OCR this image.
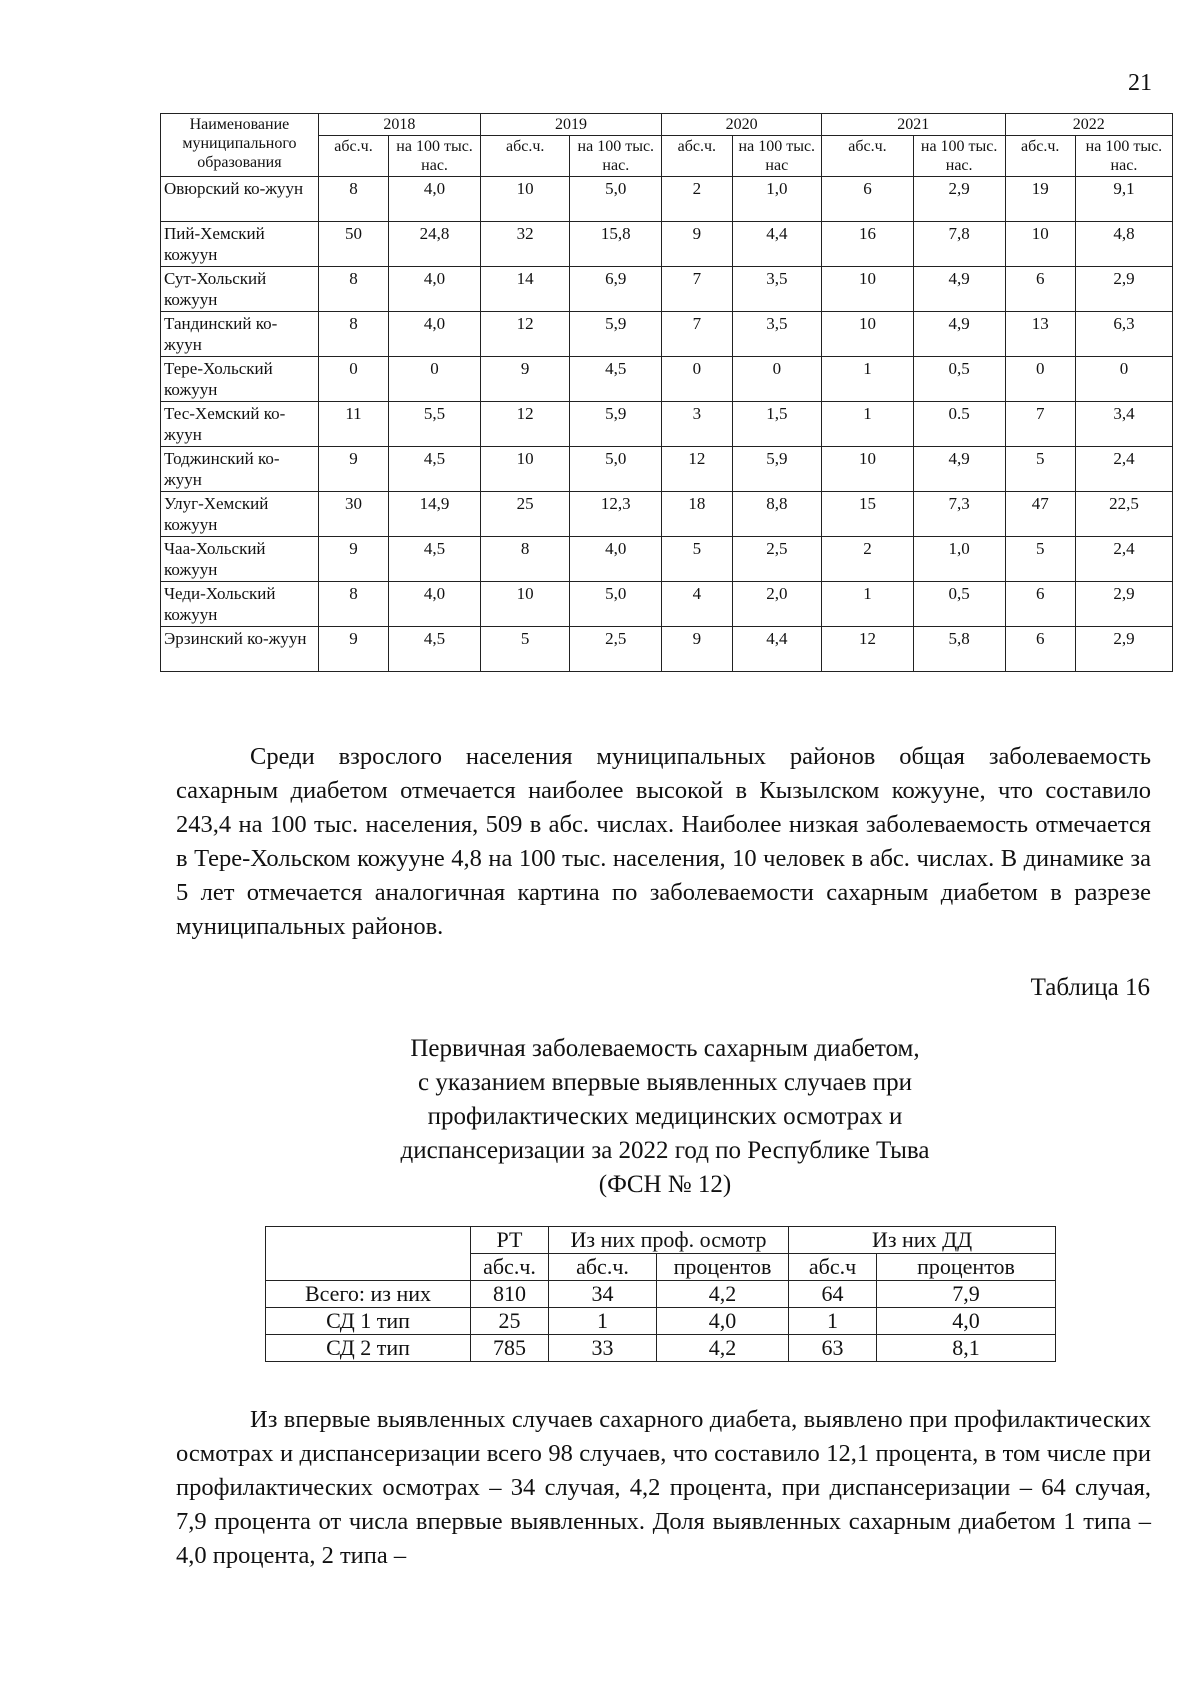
21
Наименование муниципального образования	2018		2019		2020		2021		2022	
	абс.ч.	на 100 тыс. нас.	абс.ч.	на 100 тыс. нас.	абс.ч.	на 100 тыс. нас	абс.ч.	на 100 тыс. нас.	абс.ч.	на 100 тыс. нас.
Овюрский ко-жуун	8	4,0	10	5,0	2	1,0	6	2,9	19	9,1
Пий-Хемский кожуун	50	24,8	32	15,8	9	4,4	16	7,8	10	4,8
Сут-Хольский кожуун	8	4,0	14	6,9	7	3,5	10	4,9	6	2,9
Тандинский ко-жуун	8	4,0	12	5,9	7	3,5	10	4,9	13	6,3
Тере-Хольский кожуун	0	0	9	4,5	0	0	1	0,5	0	0
Тес-Хемский ко-жуун	11	5,5	12	5,9	3	1,5	1	0.5	7	3,4
Тоджинский ко-жуун	9	4,5	10	5,0	12	5,9	10	4,9	5	2,4
Улуг-Хемский кожуун	30	14,9	25	12,3	18	8,8	15	7,3	47	22,5
Чаа-Хольский кожуун	9	4,5	8	4,0	5	2,5	2	1,0	5	2,4
Чеди-Хольский кожуун	8	4,0	10	5,0	4	2,0	1	0,5	6	2,9
Эрзинский ко-жуун	9	4,5	5	2,5	9	4,4	12	5,8	6	2,9

Среди взрослого населения муниципальных районов общая заболеваемость сахарным диабетом отмечается наиболее высокой в Кызылском кожууне, что составило 243,4 на 100 тыс. населения, 509 в абс. числах. Наиболее низкая заболеваемость отмечается в Тере-Хольском кожууне 4,8 на 100 тыс. населения, 10 человек в абс. числах. В динамике за 5 лет отмечается аналогичная картина по заболеваемости сахарным диабетом в разрезе муниципальных районов.

Таблица 16
Первичная заболеваемость сахарным диабетом,
с указанием впервые выявленных случаев при
профилактических медицинских осмотрах и
диспансеризации за 2022 год по Республике Тыва
(ФСН № 12)
	РТ	Из них проф. осмотр		Из них ДД	
	абс.ч.	абс.ч.	процентов	абс.ч	процентов
Всего: из них	810	34	4,2	64	7,9
СД 1 тип	25	1	4,0	1	4,0
СД 2 тип	785	33	4,2	63	8,1

Из впервые выявленных случаев сахарного диабета, выявлено при профилактических осмотрах и диспансеризации всего 98 случаев, что составило 12,1 процента, в том числе при профилактических осмотрах – 34 случая, 4,2 процента, при диспансеризации – 64 случая, 7,9 процента от числа впервые выявленных. Доля выявленных сахарным диабетом 1 типа – 4,0 процента, 2 типа –
